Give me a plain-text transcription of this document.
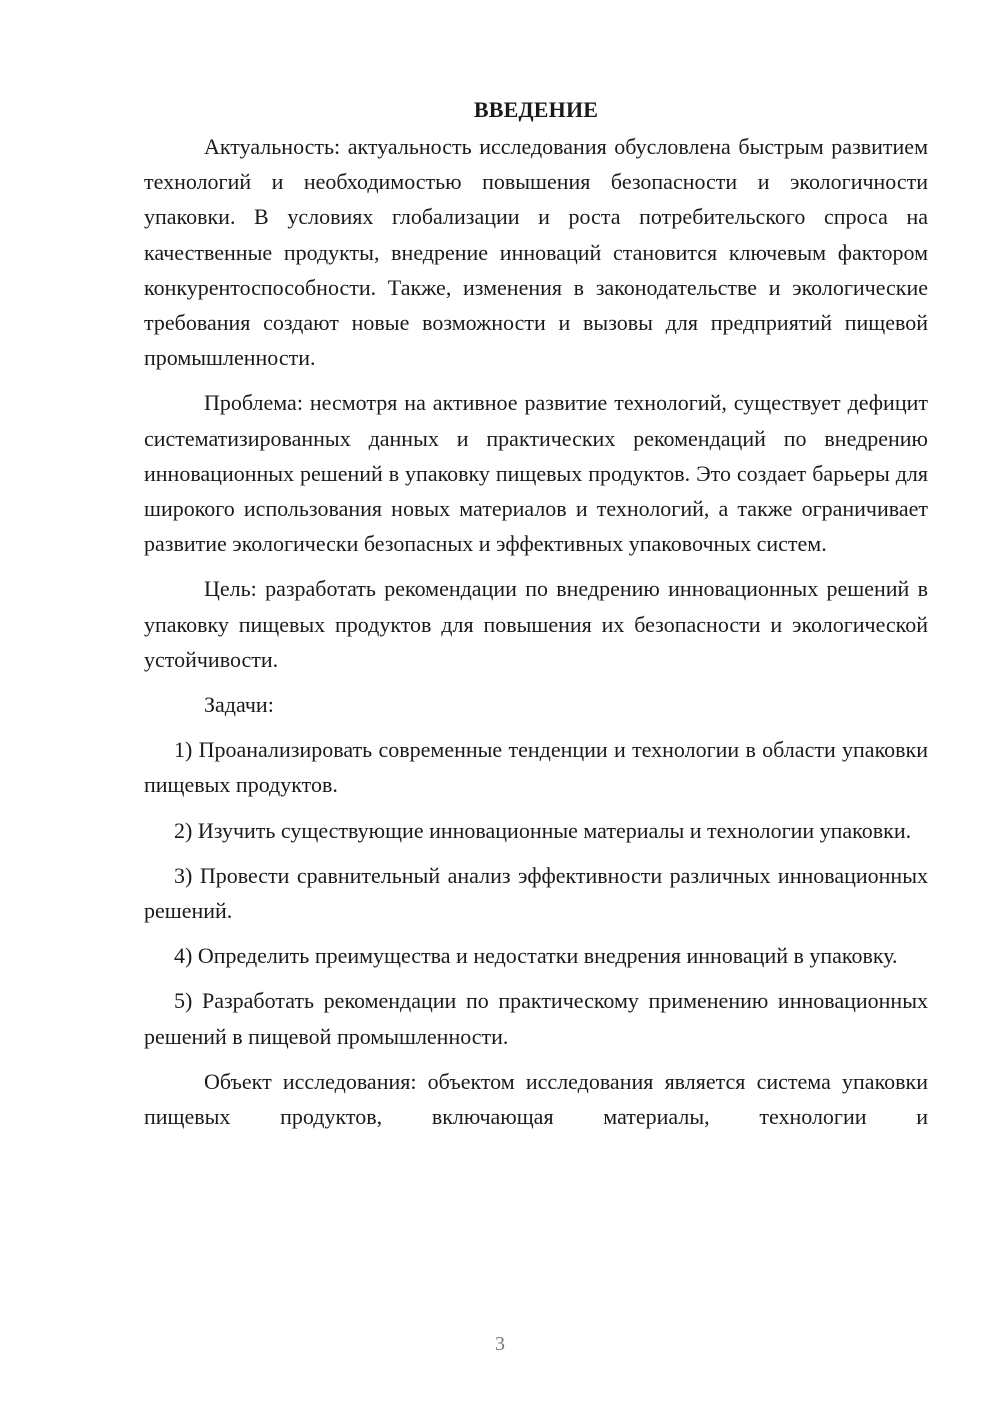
ВВЕДЕНИЕ

Актуальность: актуальность исследования обусловлена быстрым развитием технологий и необходимостью повышения безопасности и экологичности упаковки. В условиях глобализации и роста потребительского спроса на качественные продукты, внедрение инноваций становится ключевым фактором конкурентоспособности. Также, изменения в законодательстве и экологические требования создают новые возможности и вызовы для предприятий пищевой промышленности.

Проблема: несмотря на активное развитие технологий, существует дефицит систематизированных данных и практических рекомендаций по внедрению инновационных решений в упаковку пищевых продуктов. Это создает барьеры для широкого использования новых материалов и технологий, а также ограничивает развитие экологически безопасных и эффективных упаковочных систем.

Цель: разработать рекомендации по внедрению инновационных решений в упаковку пищевых продуктов для повышения их безопасности и экологической устойчивости.

Задачи:

1) Проанализировать современные тенденции и технологии в области упаковки пищевых продуктов.

2) Изучить существующие инновационные материалы и технологии упаковки.

3) Провести сравнительный анализ эффективности различных инновационных решений.

4) Определить преимущества и недостатки внедрения инноваций в упаковку.

5) Разработать рекомендации по практическому применению инновационных решений в пищевой промышленности.

Объект исследования: объектом исследования является система упаковки пищевых продуктов, включающая материалы, технологии и

3
